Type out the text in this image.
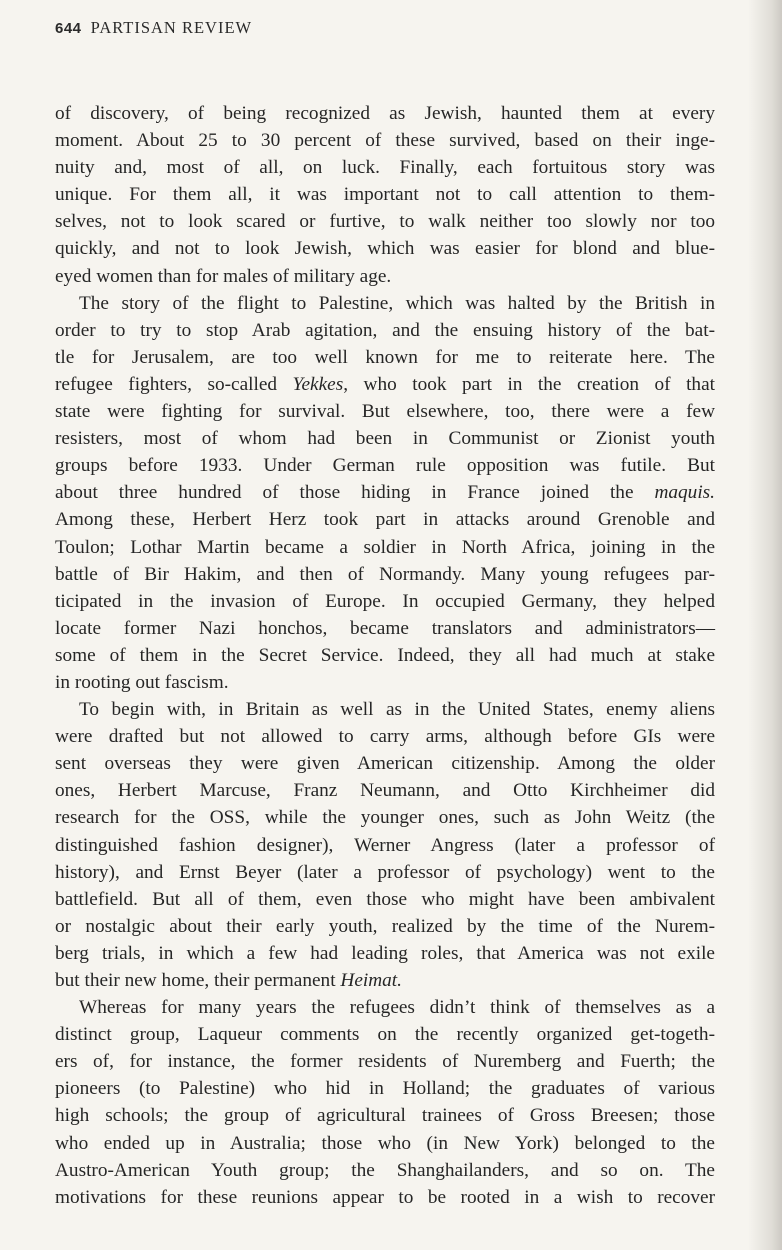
644 PARTISAN REVIEW
of discovery, of being recognized as Jewish, haunted them at every
moment. About 25 to 30 percent of these survived, based on their inge-
nuity and, most of all, on luck. Finally, each fortuitous story was
unique. For them all, it was important not to call attention to them-
selves, not to look scared or furtive, to walk neither too slowly nor too
quickly, and not to look Jewish, which was easier for blond and blue-
eyed women than for males of military age.
The story of the flight to Palestine, which was halted by the British in
order to try to stop Arab agitation, and the ensuing history of the bat-
tle for Jerusalem, are too well known for me to reiterate here. The
refugee fighters, so-called Yekkes, who took part in the creation of that
state were fighting for survival. But elsewhere, too, there were a few
resisters, most of whom had been in Communist or Zionist youth
groups before 1933. Under German rule opposition was futile. But
about three hundred of those hiding in France joined the maquis.
Among these, Herbert Herz took part in attacks around Grenoble and
Toulon; Lothar Martin became a soldier in North Africa, joining in the
battle of Bir Hakim, and then of Normandy. Many young refugees par-
ticipated in the invasion of Europe. In occupied Germany, they helped
locate former Nazi honchos, became translators and administrators—
some of them in the Secret Service. Indeed, they all had much at stake
in rooting out fascism.
To begin with, in Britain as well as in the United States, enemy aliens
were drafted but not allowed to carry arms, although before GIs were
sent overseas they were given American citizenship. Among the older
ones, Herbert Marcuse, Franz Neumann, and Otto Kirchheimer did
research for the OSS, while the younger ones, such as John Weitz (the
distinguished fashion designer), Werner Angress (later a professor of
history), and Ernst Beyer (later a professor of psychology) went to the
battlefield. But all of them, even those who might have been ambivalent
or nostalgic about their early youth, realized by the time of the Nurem-
berg trials, in which a few had leading roles, that America was not exile
but their new home, their permanent Heimat.
Whereas for many years the refugees didn’t think of themselves as a
distinct group, Laqueur comments on the recently organized get-togeth-
ers of, for instance, the former residents of Nuremberg and Fuerth; the
pioneers (to Palestine) who hid in Holland; the graduates of various
high schools; the group of agricultural trainees of Gross Breesen; those
who ended up in Australia; those who (in New York) belonged to the
Austro-American Youth group; the Shanghailanders, and so on. The
motivations for these reunions appear to be rooted in a wish to recover
